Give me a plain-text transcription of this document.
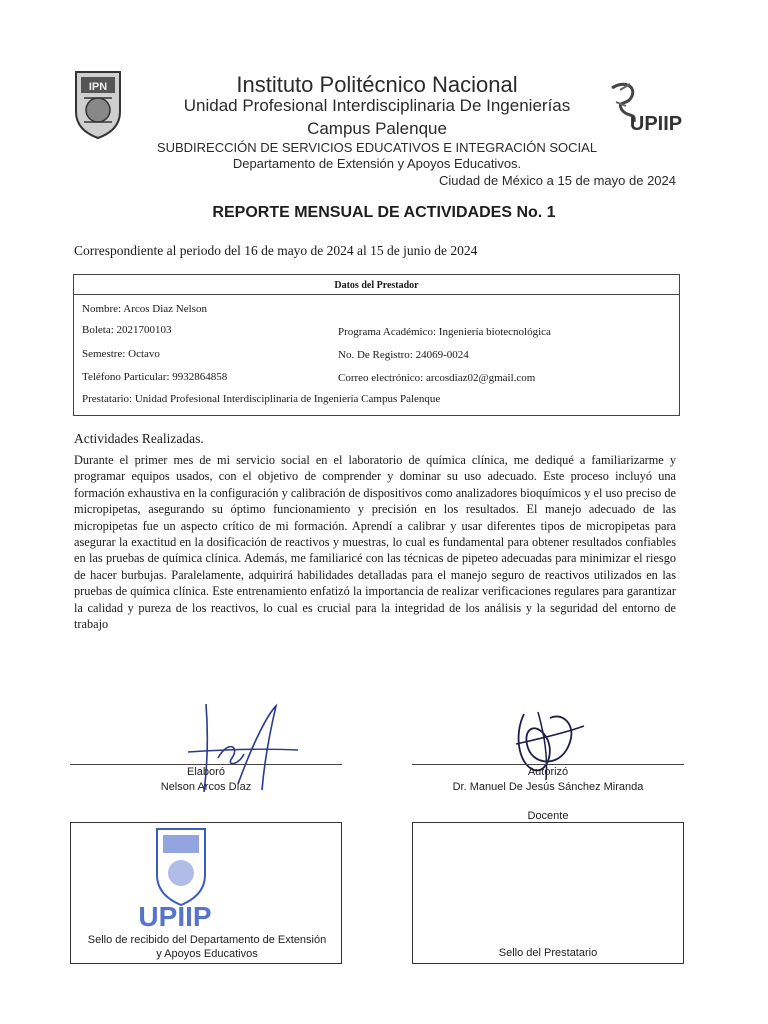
IPN
UPIIP
Instituto Politécnico Nacional
Unidad Profesional Interdisciplinaria De Ingenierías
Campus Palenque
SUBDIRECCIÓN DE SERVICIOS EDUCATIVOS E INTEGRACIÓN SOCIAL
Departamento de Extensión y Apoyos Educativos.
Ciudad de México a 15 de mayo de 2024
REPORTE MENSUAL DE ACTIVIDADES No. 1
Correspondiente al periodo del 16 de mayo de 2024 al 15 de junio de 2024
Datos del Prestador
Nombre: Arcos Diaz Nelson
Boleta: 2021700103	Programa Académico: Ingeniería biotecnológica
Semestre: Octavo	No. De Registro: 24069-0024
Teléfono Particular: 9932864858	Correo electrónico: arcosdiaz02@gmail.com
Prestatario: Unidad Profesional Interdisciplinaria de Ingeniería Campus Palenque
Actividades Realizadas.
Durante el primer mes de mi servicio social en el laboratorio de química clínica, me dediqué a familiarizarme y programar equipos usados, con el objetivo de comprender y dominar su uso adecuado. Este proceso incluyó una formación exhaustiva en la configuración y calibración de dispositivos como analizadores bioquímicos y el uso preciso de micropipetas, asegurando su óptimo funcionamiento y precisión en los resultados. El manejo adecuado de las micropipetas fue un aspecto crítico de mi formación. Aprendí a calibrar y usar diferentes tipos de micropipetas para asegurar la exactitud en la dosificación de reactivos y muestras, lo cual es fundamental para obtener resultados confiables en las pruebas de química clínica. Además, me familiaricé con las técnicas de pipeteo adecuadas para minimizar el riesgo de hacer burbujas. Paralelamente, adquirirá habilidades detalladas para el manejo seguro de reactivos utilizados en las pruebas de química clínica. Este entrenamiento enfatizó la importancia de realizar verificaciones regulares para garantizar la calidad y pureza de los reactivos, lo cual es crucial para la integridad de los análisis y la seguridad del entorno de trabajo
Elaboró
Nelson Arcos Díaz
Autorizó
Dr. Manuel De Jesús Sánchez Miranda
Docente
UPIIP
Sello de recibido del Departamento de Extensión y Apoyos Educativos	Sello del Prestatario
